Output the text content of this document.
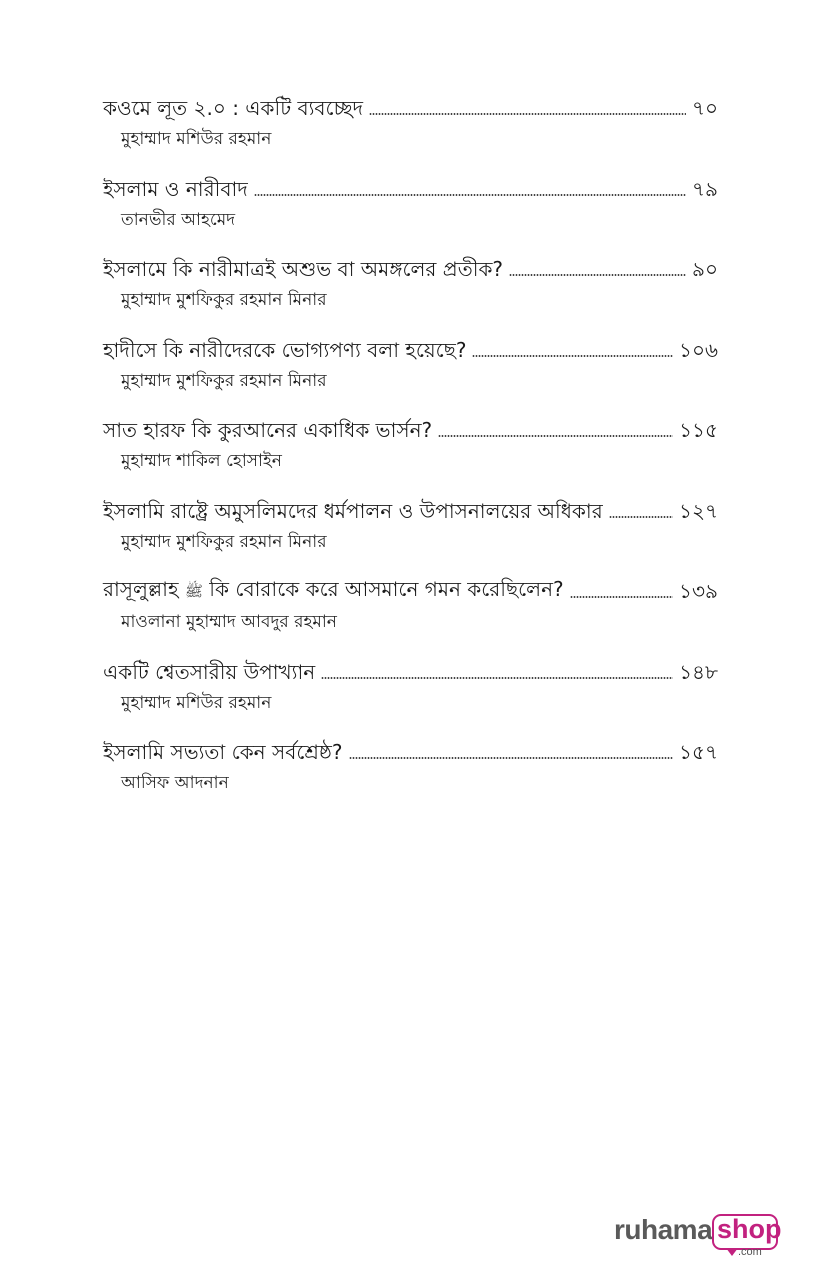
কওমে লূত ২.০ : একটি ব্যবচ্ছেদ	৭০
মুহাম্মাদ মশিউর রহমান
ইসলাম ও নারীবাদ	৭৯
তানভীর আহমেদ
ইসলামে কি নারীমাত্রই অশুভ বা অমঙ্গলের প্রতীক?	৯০
মুহাম্মাদ মুশফিকুর রহমান মিনার
হাদীসে কি নারীদেরকে ভোগ্যপণ্য বলা হয়েছে?	১০৬
মুহাম্মাদ মুশফিকুর রহমান মিনার
সাত হারফ কি কুরআনের একাধিক ভার্সন?	১১৫
মুহাম্মাদ শাকিল হোসাইন
ইসলামি রাষ্ট্রে অমুসলিমদের ধর্মপালন ও উপাসনালয়ের অধিকার	১২৭
মুহাম্মাদ মুশফিকুর রহমান মিনার
রাসূলুল্লাহ ﷺ কি বোরাকে করে আসমানে গমন করেছিলেন?	১৩৯
মাওলানা মুহাম্মাদ আবদুর রহমান
একটি শ্বেতসারীয় উপাখ্যান	১৪৮
মুহাম্মাদ মশিউর রহমান
ইসলামি সভ্যতা কেন সর্বশ্রেষ্ঠ?	১৫৭
আসিফ আদনান
ruhama shop
.com
